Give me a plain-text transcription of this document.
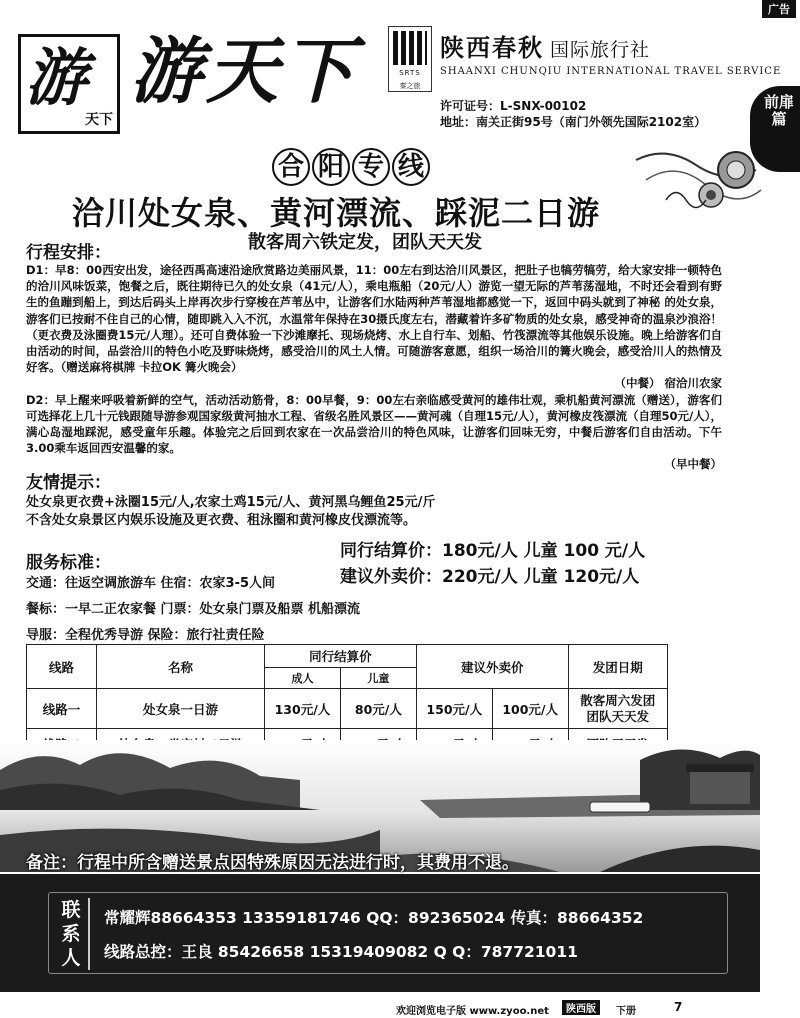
广告
前扉篇
游
天下
游天下	SRTS
秦之旅
陕西春秋 国际旅行社
SHAANXI CHUNQIU INTERNATIONAL TRAVEL SERVICE
许可证号：L-SNX-00102
地址：南关正街95号（南门外领先国际2102室）
合 阳 专 线
洽川处女泉、黄河漂流、踩泥二日游
散客周六铁定发，团队天天发
行程安排：

D1：早8：00西安出发，途径西禹高速沿途欣赏路边美丽风景，11：00左右到达洽川风景区，把肚子也犒劳犒劳，给大家安排一顿特色的洽川风味饭菜，饱餐之后，既往期待已久的处女泉（41元/人），乘电瓶船（20元/人）游览一望无际的芦苇荡湿地，不时还会看到有野生的鱼蹦到船上，到达后码头上岸再次步行穿梭在芦苇丛中，让游客们水陆两种芦苇湿地都感觉一下，返回中码头就到了神秘 的处女泉，游客们已按耐不住自己的心情，随即跳入入不沉，水温常年保持在30摄氏度左右，潜藏着许多矿物质的处女泉，感受神奇的温泉沙浪浴！（更衣费及泳圈费15元/人理）。还可自费体验一下沙滩摩托、现场烧烤、水上自行车、划船、竹筏漂流等其他娱乐设施。晚上给游客们自由活动的时间，品尝洽川的特色小吃及野味烧烤，感受洽川的风土人情。可随游客意愿，组织一场洽川的篝火晚会，感受洽川人的热情及好客。（赠送麻将棋牌 卡拉OK 篝火晚会）
（中餐） 宿洽川农家

D2：早上醒来呼吸着新鲜的空气，活动活动筋骨，8：00早餐，9：00左右亲临感受黄河的雄伟壮观，乘机船黄河漂流（赠送），游客们可选择花上几十元钱跟随导游参观国家级黄河抽水工程、省级名胜风景区——黄河魂（自理15元/人），黄河橡皮筏漂流（自理50元/人），满心岛湿地踩泥，感受童年乐趣。体验完之后回到农家在一次品尝洽川的特色风味，让游客们回味无穷，中餐后游客们自由活动。下午3.00乘车返回西安温馨的家。
（早中餐）

友情提示：
处女泉更衣费+泳圈15元/人,农家土鸡15元/人、黄河黑乌鲤鱼25元/斤
不含处女泉景区内娱乐设施及更衣费、租泳圈和黄河橡皮伐漂流等。
服务标准：
交通：往返空调旅游车 住宿：农家3-5人间
餐标：一早二正农家餐 门票：处女泉门票及船票 机船漂流
导服：全程优秀导游 保险：旅行社责任险
同行结算价：180元/人 儿童 100 元/人
建议外卖价：220元/人 儿童 120元/人
线路	名称	同行结算价		建议外卖价		发团日期
		成人	儿童			
线路一	处女泉一日游	130元/人	80元/人	150元/人	100元/人	散客周六发团
团队天天发

备注：行程中所含赠送景点因特殊原因无法进行时，其费用不退。
联系人
常耀辉88664353 13359181746 QQ：892365024 传真：88664352
线路总控：王良 85426658 15319409082 Q Q：787721011
欢迎浏览电子版 www.zyoo.net	陕西版	下册	7
